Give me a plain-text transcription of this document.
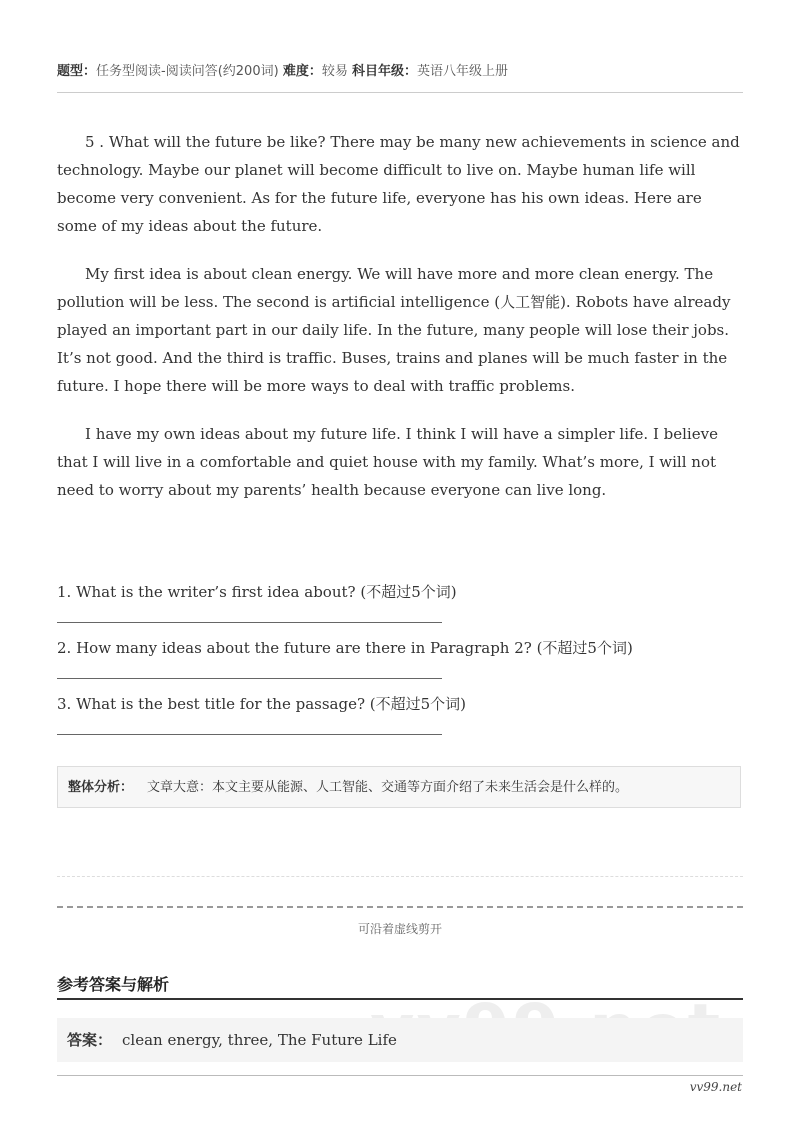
题型：任务型阅读-阅读问答(约200词) 难度：较易 科目年级：英语八年级上册

5 . What will the future be like? There may be many new achievements in science and technology. Maybe our planet will become difficult to live on. Maybe human life will become very convenient. As for the future life, everyone has his own ideas. Here are some of my ideas about the future.

My first idea is about clean energy. We will have more and more clean energy. The pollution will be less. The second is artificial intelligence (人工智能). Robots have already played an important part in our daily life. In the future, many people will lose their jobs. It’s not good. And the third is traffic. Buses, trains and planes will be much faster in the future. I hope there will be more ways to deal with traffic problems.

I have my own ideas about my future life. I think I will have a simpler life. I believe that I will live in a comfortable and quiet house with my family. What’s more, I will not need to worry about my parents’ health because everyone can live long.

1. What is the writer’s first idea about? (不超过5个词)
2. How many ideas about the future are there in Paragraph 2? (不超过5个词)
3. What is the best title for the passage? (不超过5个词)
整体分析： 文章大意：本文主要从能源、人工智能、交通等方面介绍了未来生活会是什么样的。
可沿着虚线剪开
参考答案与解析
答案： clean energy, three, The Future Life
vv99.net
